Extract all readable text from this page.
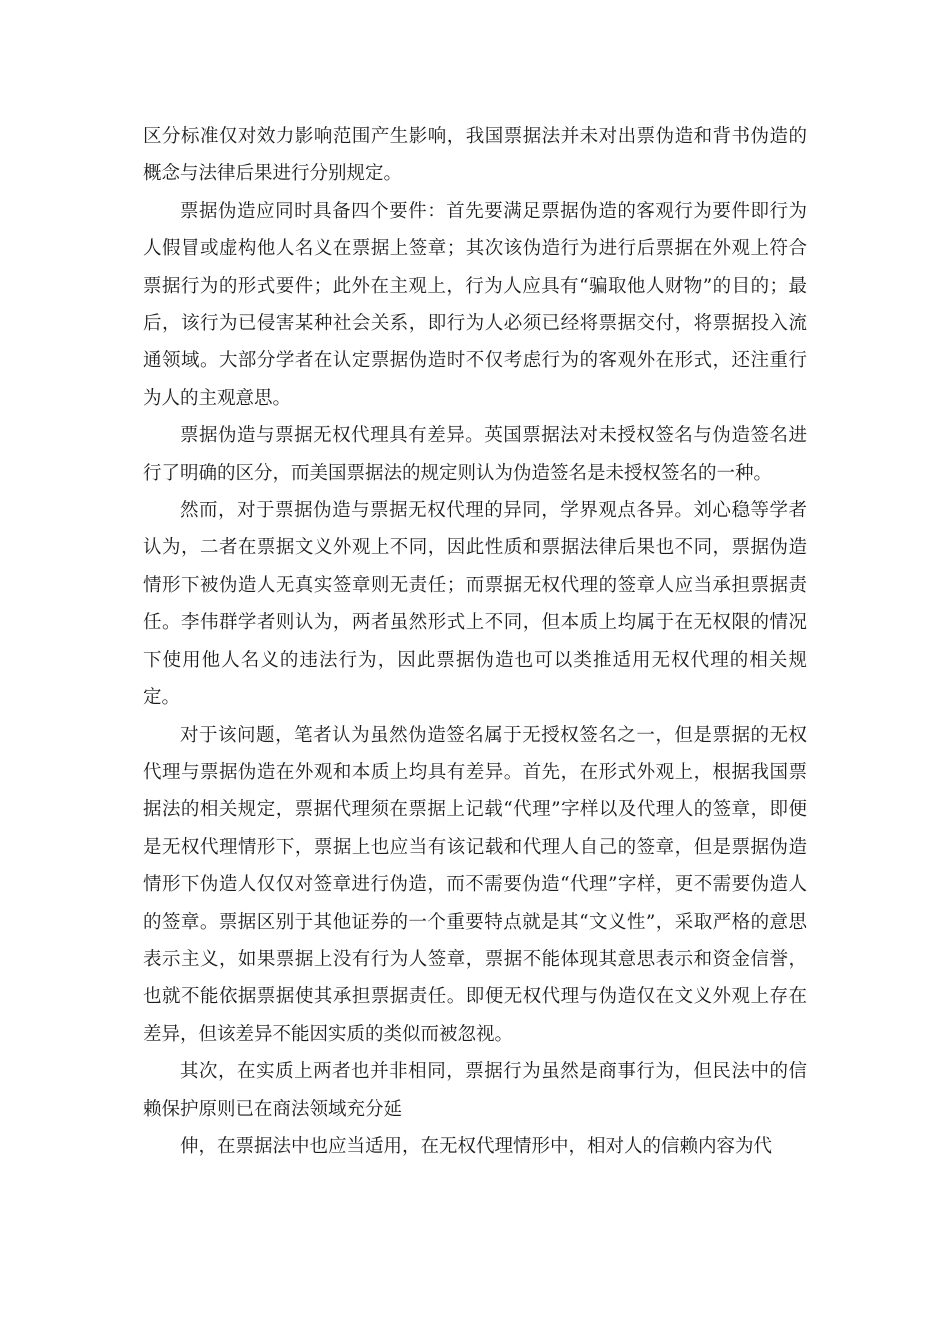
区分标准仅对效力影响范围产生影响，我国票据法并未对出票伪造和背书伪造的概念与法律后果进行分别规定。

票据伪造应同时具备四个要件：首先要满足票据伪造的客观行为要件即行为人假冒或虚构他人名义在票据上签章；其次该伪造行为进行后票据在外观上符合票据行为的形式要件；此外在主观上，行为人应具有“骗取他人财物”的目的；最后，该行为已侵害某种社会关系，即行为人必须已经将票据交付，将票据投入流通领域。大部分学者在认定票据伪造时不仅考虑行为的客观外在形式，还注重行为人的主观意思。

票据伪造与票据无权代理具有差异。英国票据法对未授权签名与伪造签名进行了明确的区分，而美国票据法的规定则认为伪造签名是未授权签名的一种。

然而，对于票据伪造与票据无权代理的异同，学界观点各异。刘心稳等学者认为，二者在票据文义外观上不同，因此性质和票据法律后果也不同，票据伪造情形下被伪造人无真实签章则无责任；而票据无权代理的签章人应当承担票据责任。李伟群学者则认为，两者虽然形式上不同，但本质上均属于在无权限的情况下使用他人名义的违法行为，因此票据伪造也可以类推适用无权代理的相关规定。

对于该问题，笔者认为虽然伪造签名属于无授权签名之一，但是票据的无权代理与票据伪造在外观和本质上均具有差异。首先，在形式外观上，根据我国票据法的相关规定，票据代理须在票据上记载“代理”字样以及代理人的签章，即便是无权代理情形下，票据上也应当有该记载和代理人自己的签章，但是票据伪造情形下伪造人仅仅对签章进行伪造，而不需要伪造“代理”字样，更不需要伪造人的签章。票据区别于其他证券的一个重要特点就是其“文义性”，采取严格的意思表示主义，如果票据上没有行为人签章，票据不能体现其意思表示和资金信誉，也就不能依据票据使其承担票据责任。即便无权代理与伪造仅在文义外观上存在差异，但该差异不能因实质的类似而被忽视。

其次，在实质上两者也并非相同，票据行为虽然是商事行为，但民法中的信赖保护原则已在商法领域充分延

伸，在票据法中也应当适用，在无权代理情形中，相对人的信赖内容为代
